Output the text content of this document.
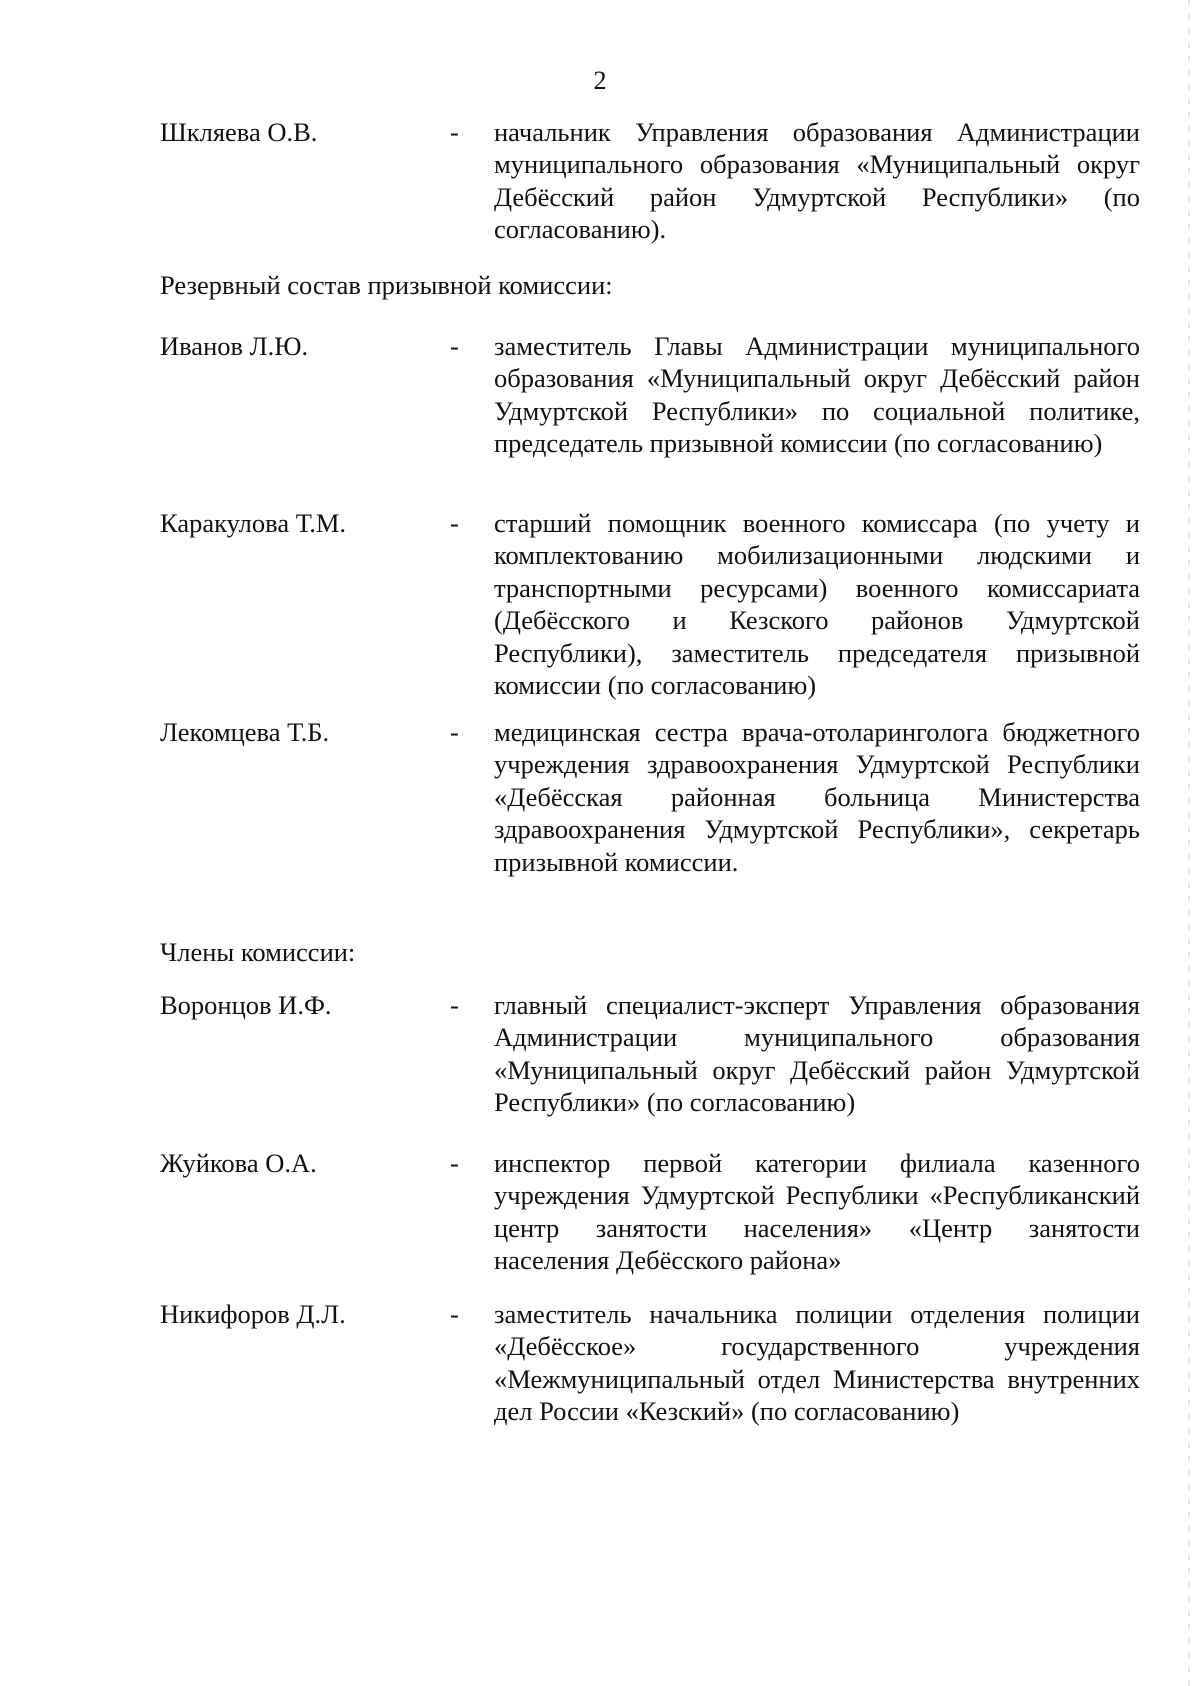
2
Шкляева О.В.	-	начальник Управления образования Администрации муниципального образования «Муниципальный округ Дебёсский район Удмуртской Республики» (по согласованию).
Резервный состав призывной комиссии:
Иванов Л.Ю.	-	заместитель Главы Администрации муниципального образования «Муниципальный округ Дебёсский район Удмуртской Республики» по социальной политике, председатель призывной комиссии (по согласованию)
Каракулова Т.М.	-	старший помощник военного комиссара (по учету и комплектованию мобилизационными людскими и транспортными ресурсами) военного комиссариата (Дебёсского и Кезского районов Удмуртской Республики), заместитель председателя призывной комиссии (по согласованию)
Лекомцева Т.Б.	-	медицинская сестра врача-отоларинголога бюджетного учреждения здравоохранения Удмуртской Республики «Дебёсская районная больница Министерства здравоохранения Удмуртской Республики», секретарь призывной комиссии.
Члены комиссии:
Воронцов И.Ф.	-	главный специалист-эксперт Управления образования Администрации муниципального образования «Муниципальный округ Дебёсский район Удмуртской Республики» (по согласованию)
Жуйкова О.А.	-	инспектор первой категории филиала казенного учреждения Удмуртской Республики «Республиканский центр занятости населения» «Центр занятости населения Дебёсского района»
Никифоров Д.Л.	-	заместитель начальника полиции отделения полиции «Дебёсское» государственного учреждения «Межмуниципальный отдел Министерства внутренних дел России «Кезский» (по согласованию)
